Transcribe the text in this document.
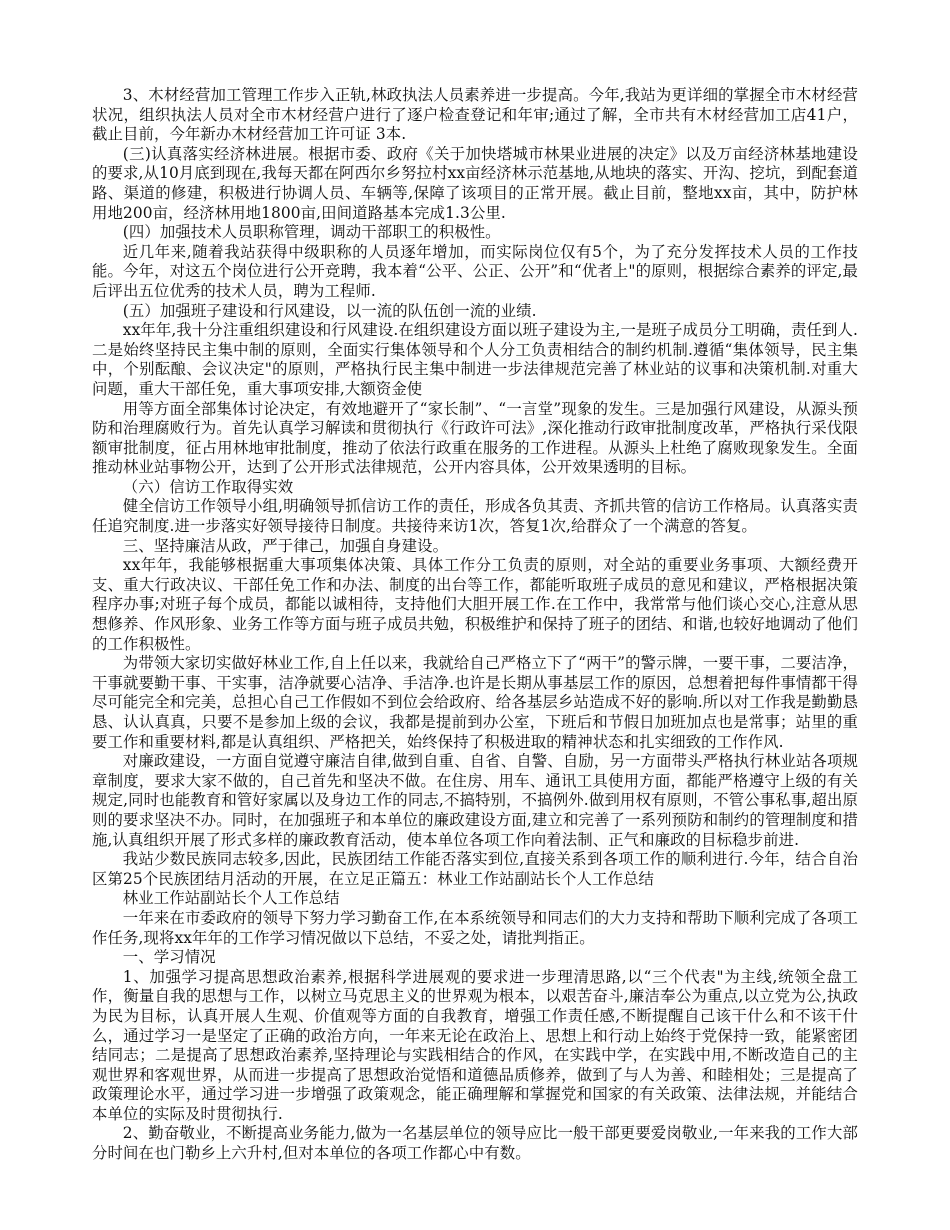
3、木材经营加工管理工作步入正轨,林政执法人员素养进一步提高。今年,我站为更详细的掌握全市木材经营状况，组织执法人员对全市木材经营户进行了逐户检查登记和年审;通过了解，全市共有木材经营加工店41户，截止目前，今年新办木材经营加工许可证 3本.

(三)认真落实经济林进展。根据市委、政府《关于加快塔城市林果业进展的决定》以及万亩经济林基地建设的要求,从10月底到现在,我每天都在阿西尔乡努拉村xx亩经济林示范基地,从地块的落实、开沟、挖坑，到配套道路、渠道的修建，积极进行协调人员、车辆等,保障了该项目的正常开展。截止目前，整地xx亩，其中，防护林用地200亩，经济林用地1800亩,田间道路基本完成1.3公里.

(四）加强技术人员职称管理，调动干部职工的积极性。

近几年来,随着我站获得中级职称的人员逐年增加，而实际岗位仅有5个，为了充分发挥技术人员的工作技能。今年，对这五个岗位进行公开竞聘，我本着“公平、公正、公开”和“优者上"的原则，根据综合素养的评定,最后评出五位优秀的技术人员，聘为工程师.

(五）加强班子建设和行风建设，以一流的队伍创一流的业绩.

xx年年,我十分注重组织建设和行风建设.在组织建设方面以班子建设为主,一是班子成员分工明确，责任到人.二是始终坚持民主集中制的原则，全面实行集体领导和个人分工负责相结合的制约机制.遵循“集体领导，民主集中，个别酝酿、会议决定"的原则，严格执行民主集中制进一步法律规范完善了林业站的议事和决策机制.对重大问题，重大干部任免，重大事项安排,大额资金使

用等方面全部集体讨论决定，有效地避开了“家长制”、“一言堂”现象的发生。三是加强行风建设，从源头预防和治理腐败行为。首先认真学习解读和贯彻执行《行政许可法》,深化推动行政审批制度改革，严格执行采伐限额审批制度，征占用林地审批制度，推动了依法行政重在服务的工作进程。从源头上杜绝了腐败现象发生。全面推动林业站事物公开，达到了公开形式法律规范，公开内容具体，公开效果透明的目标。

（六）信访工作取得实效

健全信访工作领导小组,明确领导抓信访工作的责任，形成各负其责、齐抓共管的信访工作格局。认真落实责任追究制度.进一步落实好领导接待日制度。共接待来访1次，答复1次,给群众了一个满意的答复。

三、坚持廉洁从政，严于律己，加强自身建设。

xx年年，我能够根据重大事项集体决策、具体工作分工负责的原则，对全站的重要业务事项、大额经费开支、重大行政决议、干部任免工作和办法、制度的出台等工作，都能听取班子成员的意见和建议，严格根据决策程序办事;对班子每个成员，都能以诚相待，支持他们大胆开展工作.在工作中，我常常与他们谈心交心,注意从思想修养、作风形象、业务工作等方面与班子成员共勉，积极维护和保持了班子的团结、和谐,也较好地调动了他们的工作积极性。

为带领大家切实做好林业工作,自上任以来，我就给自己严格立下了“两干”的警示牌，一要干事，二要洁净，干事就要勤干事、干实事，洁净就要心洁净、手洁净.也许是长期从事基层工作的原因，总想着把每件事情都干得尽可能完全和完美，总担心自己工作假如不到位会给政府、给各基层乡站造成不好的影响.所以对工作我是勤勤恳恳、认认真真，只要不是参加上级的会议，我都是提前到办公室，下班后和节假日加班加点也是常事；站里的重要工作和重要材料,都是认真组织、严格把关，始终保持了积极进取的精神状态和扎实细致的工作作风.

对廉政建设，一方面自觉遵守廉洁自律,做到自重、自省、自警、自励，另一方面带头严格执行林业站各项规章制度，要求大家不做的，自己首先和坚决不做。在住房、用车、通讯工具使用方面，都能严格遵守上级的有关规定,同时也能教育和管好家属以及身边工作的同志,不搞特别，不搞例外.做到用权有原则，不管公事私事,超出原则的要求坚决不办。同时，在加强班子和本单位的廉政建设方面,建立和完善了一系列预防和制约的管理制度和措施,认真组织开展了形式多样的廉政教育活动，使本单位各项工作向着法制、正气和廉政的目标稳步前进.

我站少数民族同志较多,因此，民族团结工作能否落实到位,直接关系到各项工作的顺利进行.今年，结合自治区第25个民族团结月活动的开展，在立足正篇五：林业工作站副站长个人工作总结

林业工作站副站长个人工作总结

一年来在市委政府的领导下努力学习勤奋工作,在本系统领导和同志们的大力支持和帮助下顺利完成了各项工作任务,现将xx年年的工作学习情况做以下总结，不妥之处，请批判指正。

一、学习情况

1、加强学习提高思想政治素养,根据科学进展观的要求进一步理清思路,以“三个代表"为主线,统领全盘工作，衡量自我的思想与工作，以树立马克思主义的世界观为根本，以艰苦奋斗,廉洁奉公为重点,以立党为公,执政为民为目标，认真开展人生观、价值观等方面的自我教育，增强工作责任感,不断提醒自己该干什么和不该干什么，通过学习一是坚定了正确的政治方向，一年来无论在政治上、思想上和行动上始终于党保持一致，能紧密团结同志；二是提高了思想政治素养,坚持理论与实践相结合的作风，在实践中学，在实践中用,不断改造自己的主观世界和客观世界，从而进一步提高了思想政治觉悟和道德品质修养，做到了与人为善、和睦相处；三是提高了政策理论水平，通过学习进一步增强了政策观念，能正确理解和掌握党和国家的有关政策、法律法规，并能结合本单位的实际及时贯彻执行.

2、勤奋敬业，不断提高业务能力,做为一名基层单位的领导应比一般干部更要爱岗敬业,一年来我的工作大部分时间在也门勒乡上六升村,但对本单位的各项工作都心中有数。
